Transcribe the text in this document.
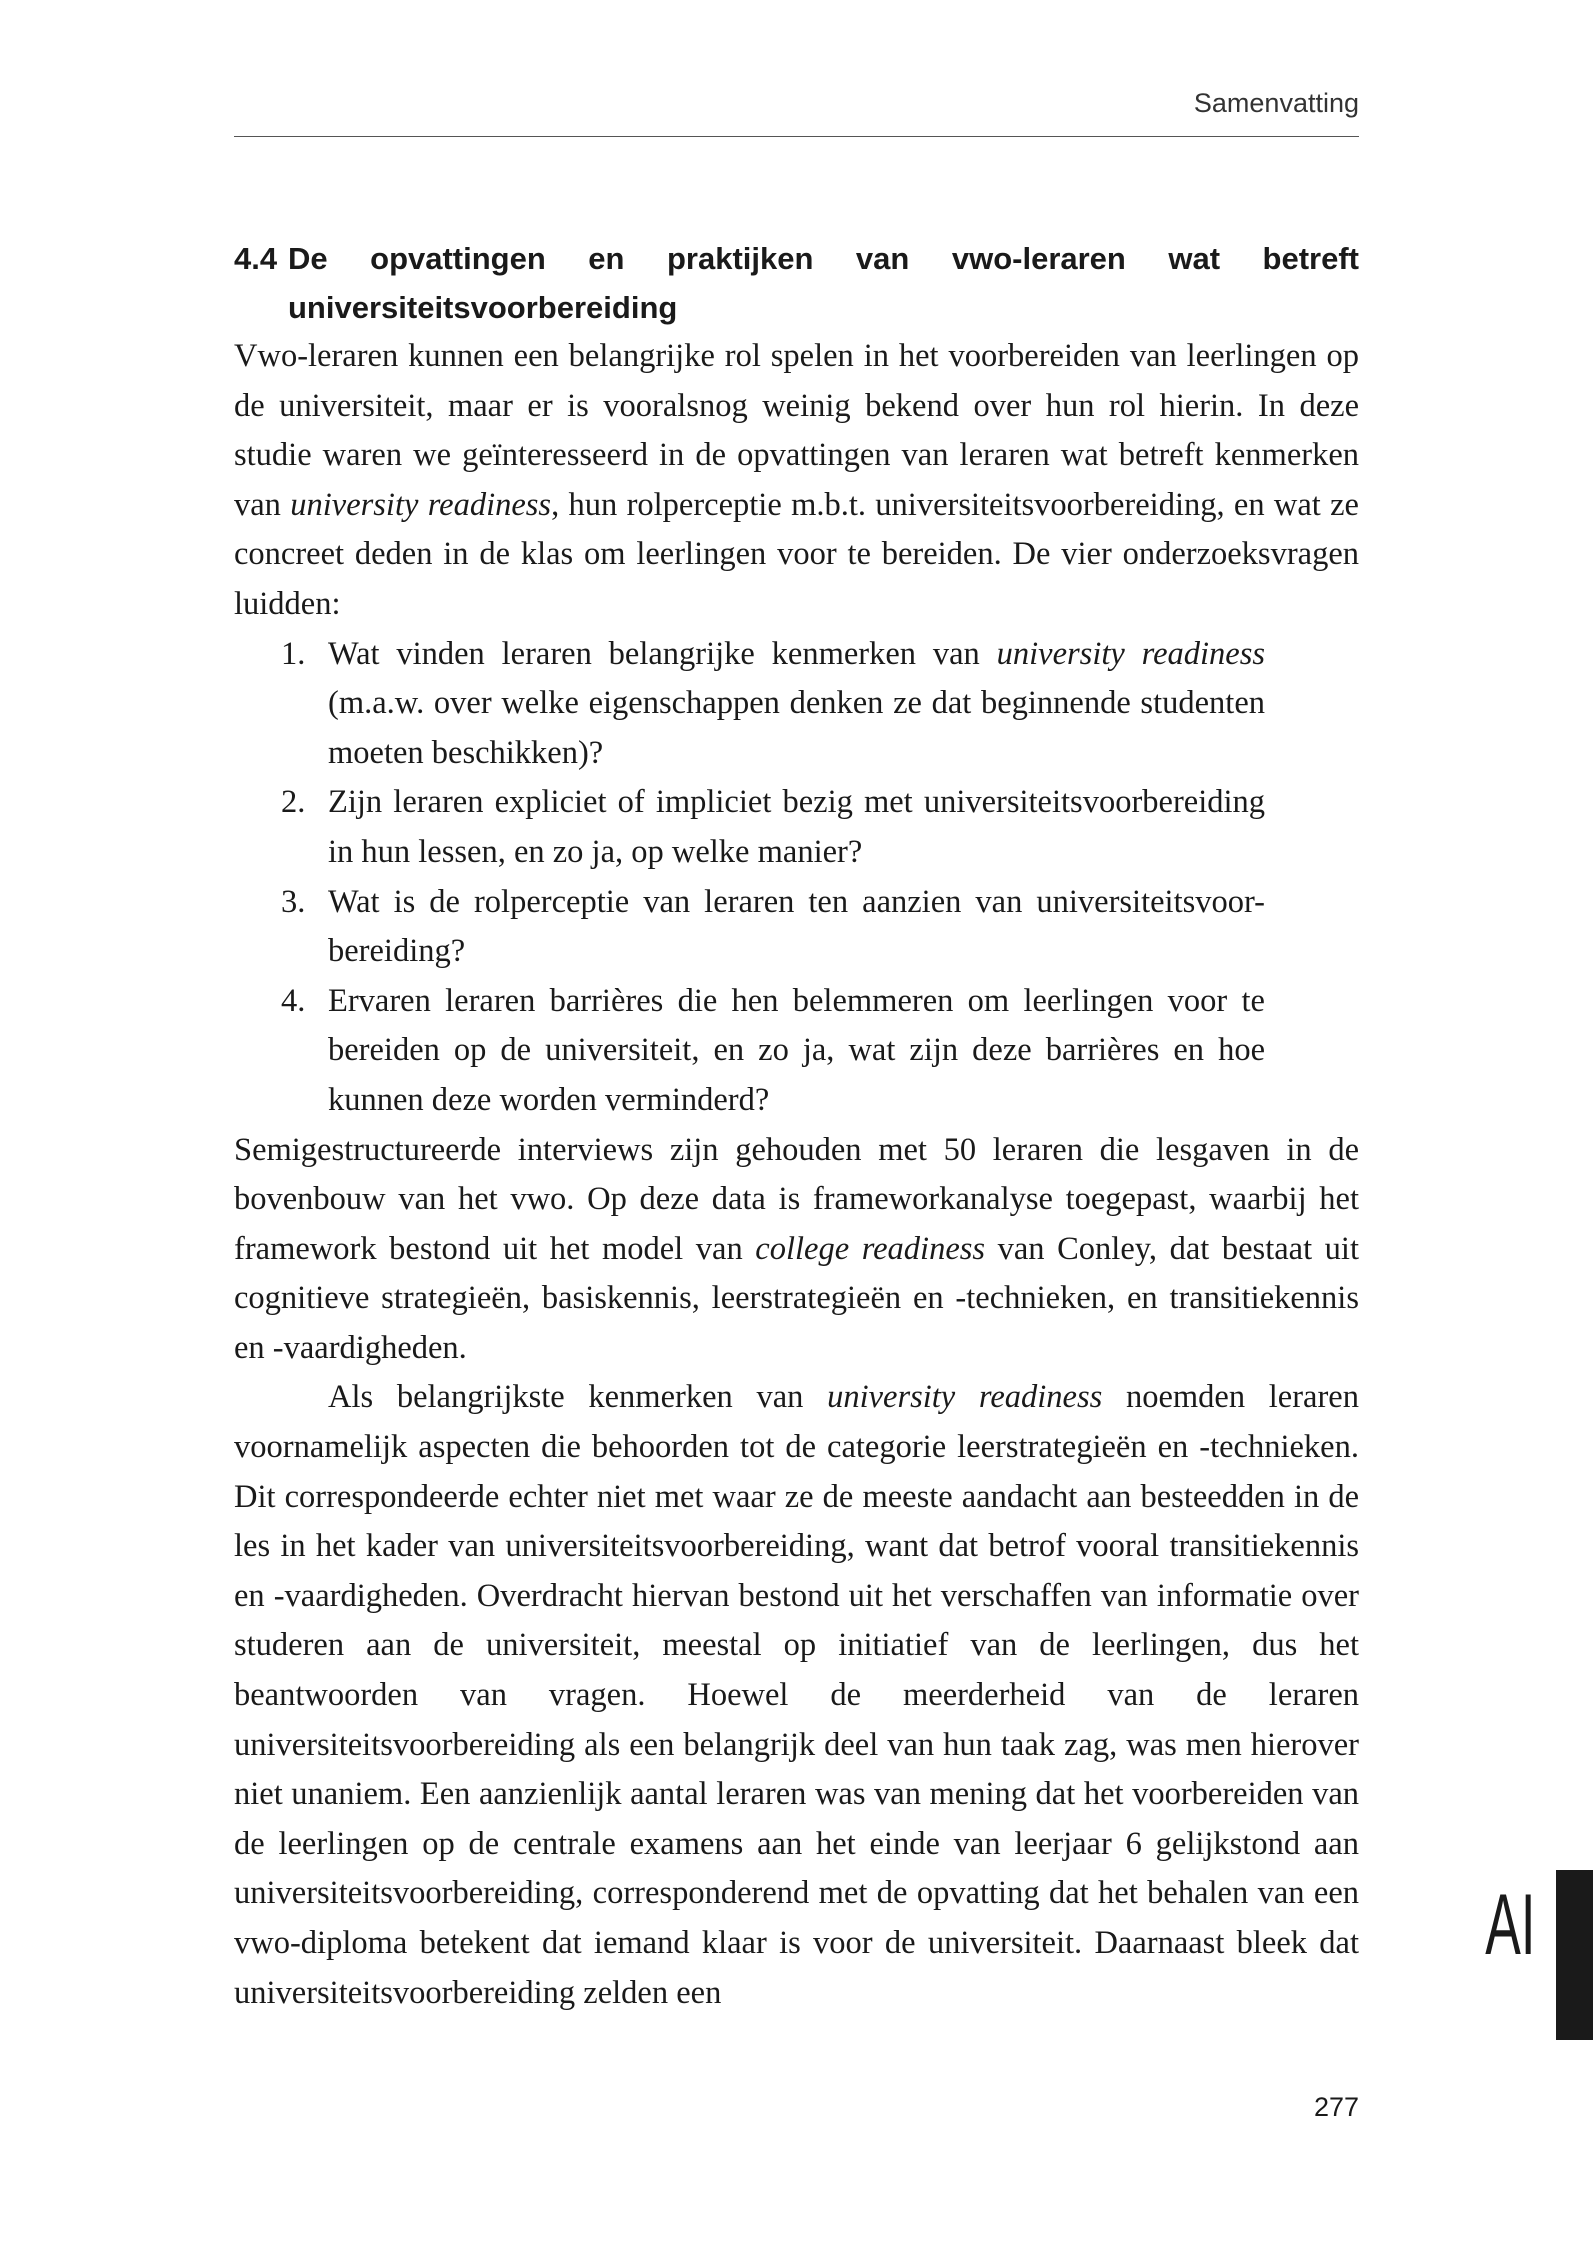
Samenvatting
4.4 De opvattingen en praktijken van vwo-leraren wat betreft universiteitsvoorbereiding

Vwo-leraren kunnen een belangrijke rol spelen in het voorbereiden van leerlingen op de universiteit, maar er is vooralsnog weinig bekend over hun rol hierin. In deze studie waren we geïnteresseerd in de opvattingen van leraren wat betreft kenmerken van university readiness, hun rolperceptie m.b.t. universiteitsvoorbereiding, en wat ze concreet deden in de klas om leerlingen voor te bereiden. De vier onderzoeksvragen luidden:

1. Wat vinden leraren belangrijke kenmerken van university readiness (m.a.w. over welke eigenschappen denken ze dat beginnende studenten moeten beschikken)?
2. Zijn leraren expliciet of impliciet bezig met universiteitsvoorbereiding in hun lessen, en zo ja, op welke manier?
3. Wat is de rolperceptie van leraren ten aanzien van universiteitsvoor-bereiding?
4. Ervaren leraren barrières die hen belemmeren om leerlingen voor te bereiden op de universiteit, en zo ja, wat zijn deze barrières en hoe kunnen deze worden verminderd?

Semigestructureerde interviews zijn gehouden met 50 leraren die lesgaven in de bovenbouw van het vwo. Op deze data is frameworkanalyse toegepast, waarbij het framework bestond uit het model van college readiness van Conley, dat bestaat uit cognitieve strategieën, basiskennis, leerstrategieën en -technieken, en transitiekennis en -vaardigheden.

Als belangrijkste kenmerken van university readiness noemden leraren voornamelijk aspecten die behoorden tot de categorie leerstrategieën en -technieken. Dit correspondeerde echter niet met waar ze de meeste aandacht aan besteedden in de les in het kader van universiteitsvoorbereiding, want dat betrof vooral transitiekennis en -vaardigheden. Overdracht hiervan bestond uit het verschaffen van informatie over studeren aan de universiteit, meestal op initiatief van de leerlingen, dus het beantwoorden van vragen. Hoewel de meerderheid van de leraren universiteitsvoorbereiding als een belangrijk deel van hun taak zag, was men hierover niet unaniem. Een aanzienlijk aantal leraren was van mening dat het voorbereiden van de leerlingen op de centrale examens aan het einde van leerjaar 6 gelijkstond aan universiteitsvoorbereiding, corresponderend met de opvatting dat het behalen van een vwo-diploma betekent dat iemand klaar is voor de universiteit. Daarnaast bleek dat universiteitsvoorbereiding zelden een

AI
277
